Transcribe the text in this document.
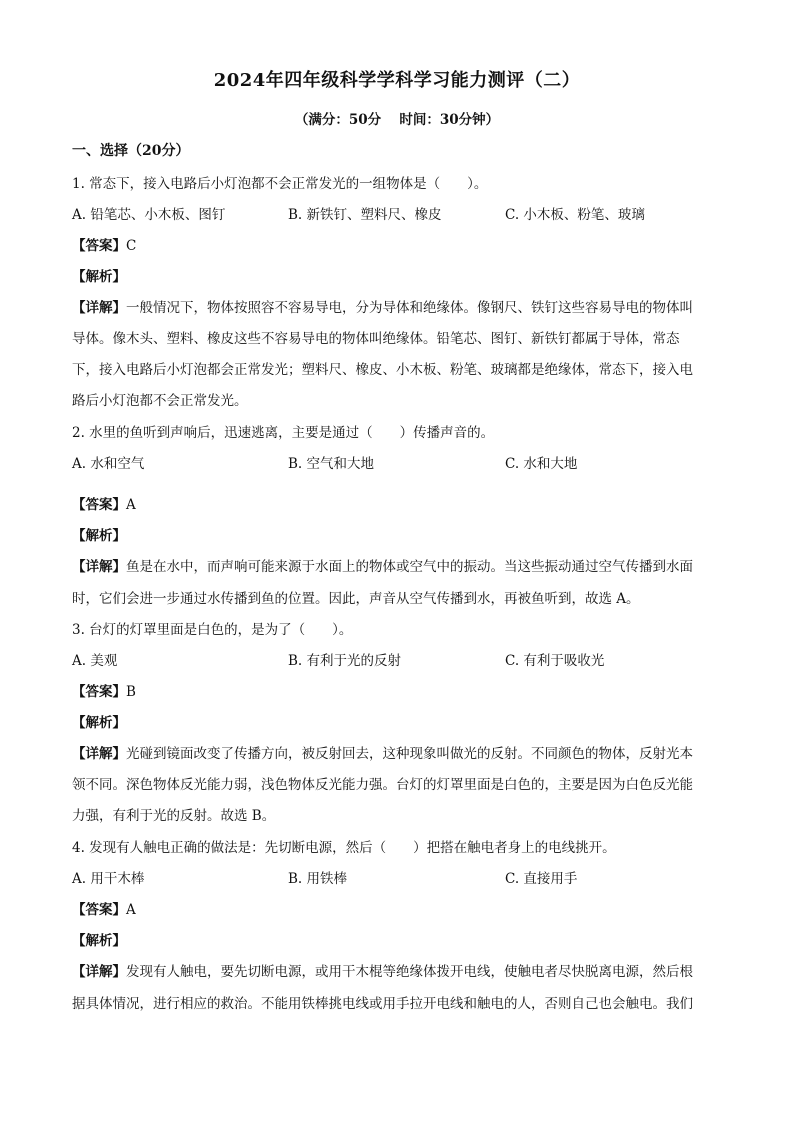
2024年四年级科学学科学习能力测评（二）
（满分：50分　 时间：30分钟）
一、选择（20分）
1. 常态下，接入电路后小灯泡都不会正常发光的一组物体是（　　）。
A. 铅笔芯、小木板、图钉	B. 新铁钉、塑料尺、橡皮	C. 小木板、粉笔、玻璃
【答案】C
【解析】
【详解】一般情况下，物体按照容不容易导电，分为导体和绝缘体。像钢尺、铁钉这些容易导电的物体叫
导体。像木头、塑料、橡皮这些不容易导电的物体叫绝缘体。铅笔芯、图钉、新铁钉都属于导体，常态
下，接入电路后小灯泡都会正常发光；塑料尺、橡皮、小木板、粉笔、玻璃都是绝缘体，常态下，接入电
路后小灯泡都不会正常发光。
2. 水里的鱼听到声响后，迅速逃离，主要是通过（　　）传播声音的。
A. 水和空气	B. 空气和大地	C. 水和大地
【答案】A
【解析】
【详解】鱼是在水中，而声响可能来源于水面上的物体或空气中的振动。当这些振动通过空气传播到水面
时，它们会进一步通过水传播到鱼的位置。因此，声音从空气传播到水，再被鱼听到，故选 A。
3. 台灯的灯罩里面是白色的，是为了（　　）。
A. 美观	B. 有利于光的反射	C. 有利于吸收光
【答案】B
【解析】
【详解】光碰到镜面改变了传播方向，被反射回去，这种现象叫做光的反射。不同颜色的物体，反射光本
领不同。深色物体反光能力弱，浅色物体反光能力强。台灯的灯罩里面是白色的，主要是因为白色反光能
力强，有利于光的反射。故选 B。
4. 发现有人触电正确的做法是：先切断电源，然后（　　）把搭在触电者身上的电线挑开。
A. 用干木棒	B. 用铁棒	C. 直接用手
【答案】A
【解析】
【详解】发现有人触电，要先切断电源，或用干木棍等绝缘体拨开电线，使触电者尽快脱离电源，然后根
据具体情况，进行相应的救治。不能用铁棒挑电线或用手拉开电线和触电的人，否则自己也会触电。我们
